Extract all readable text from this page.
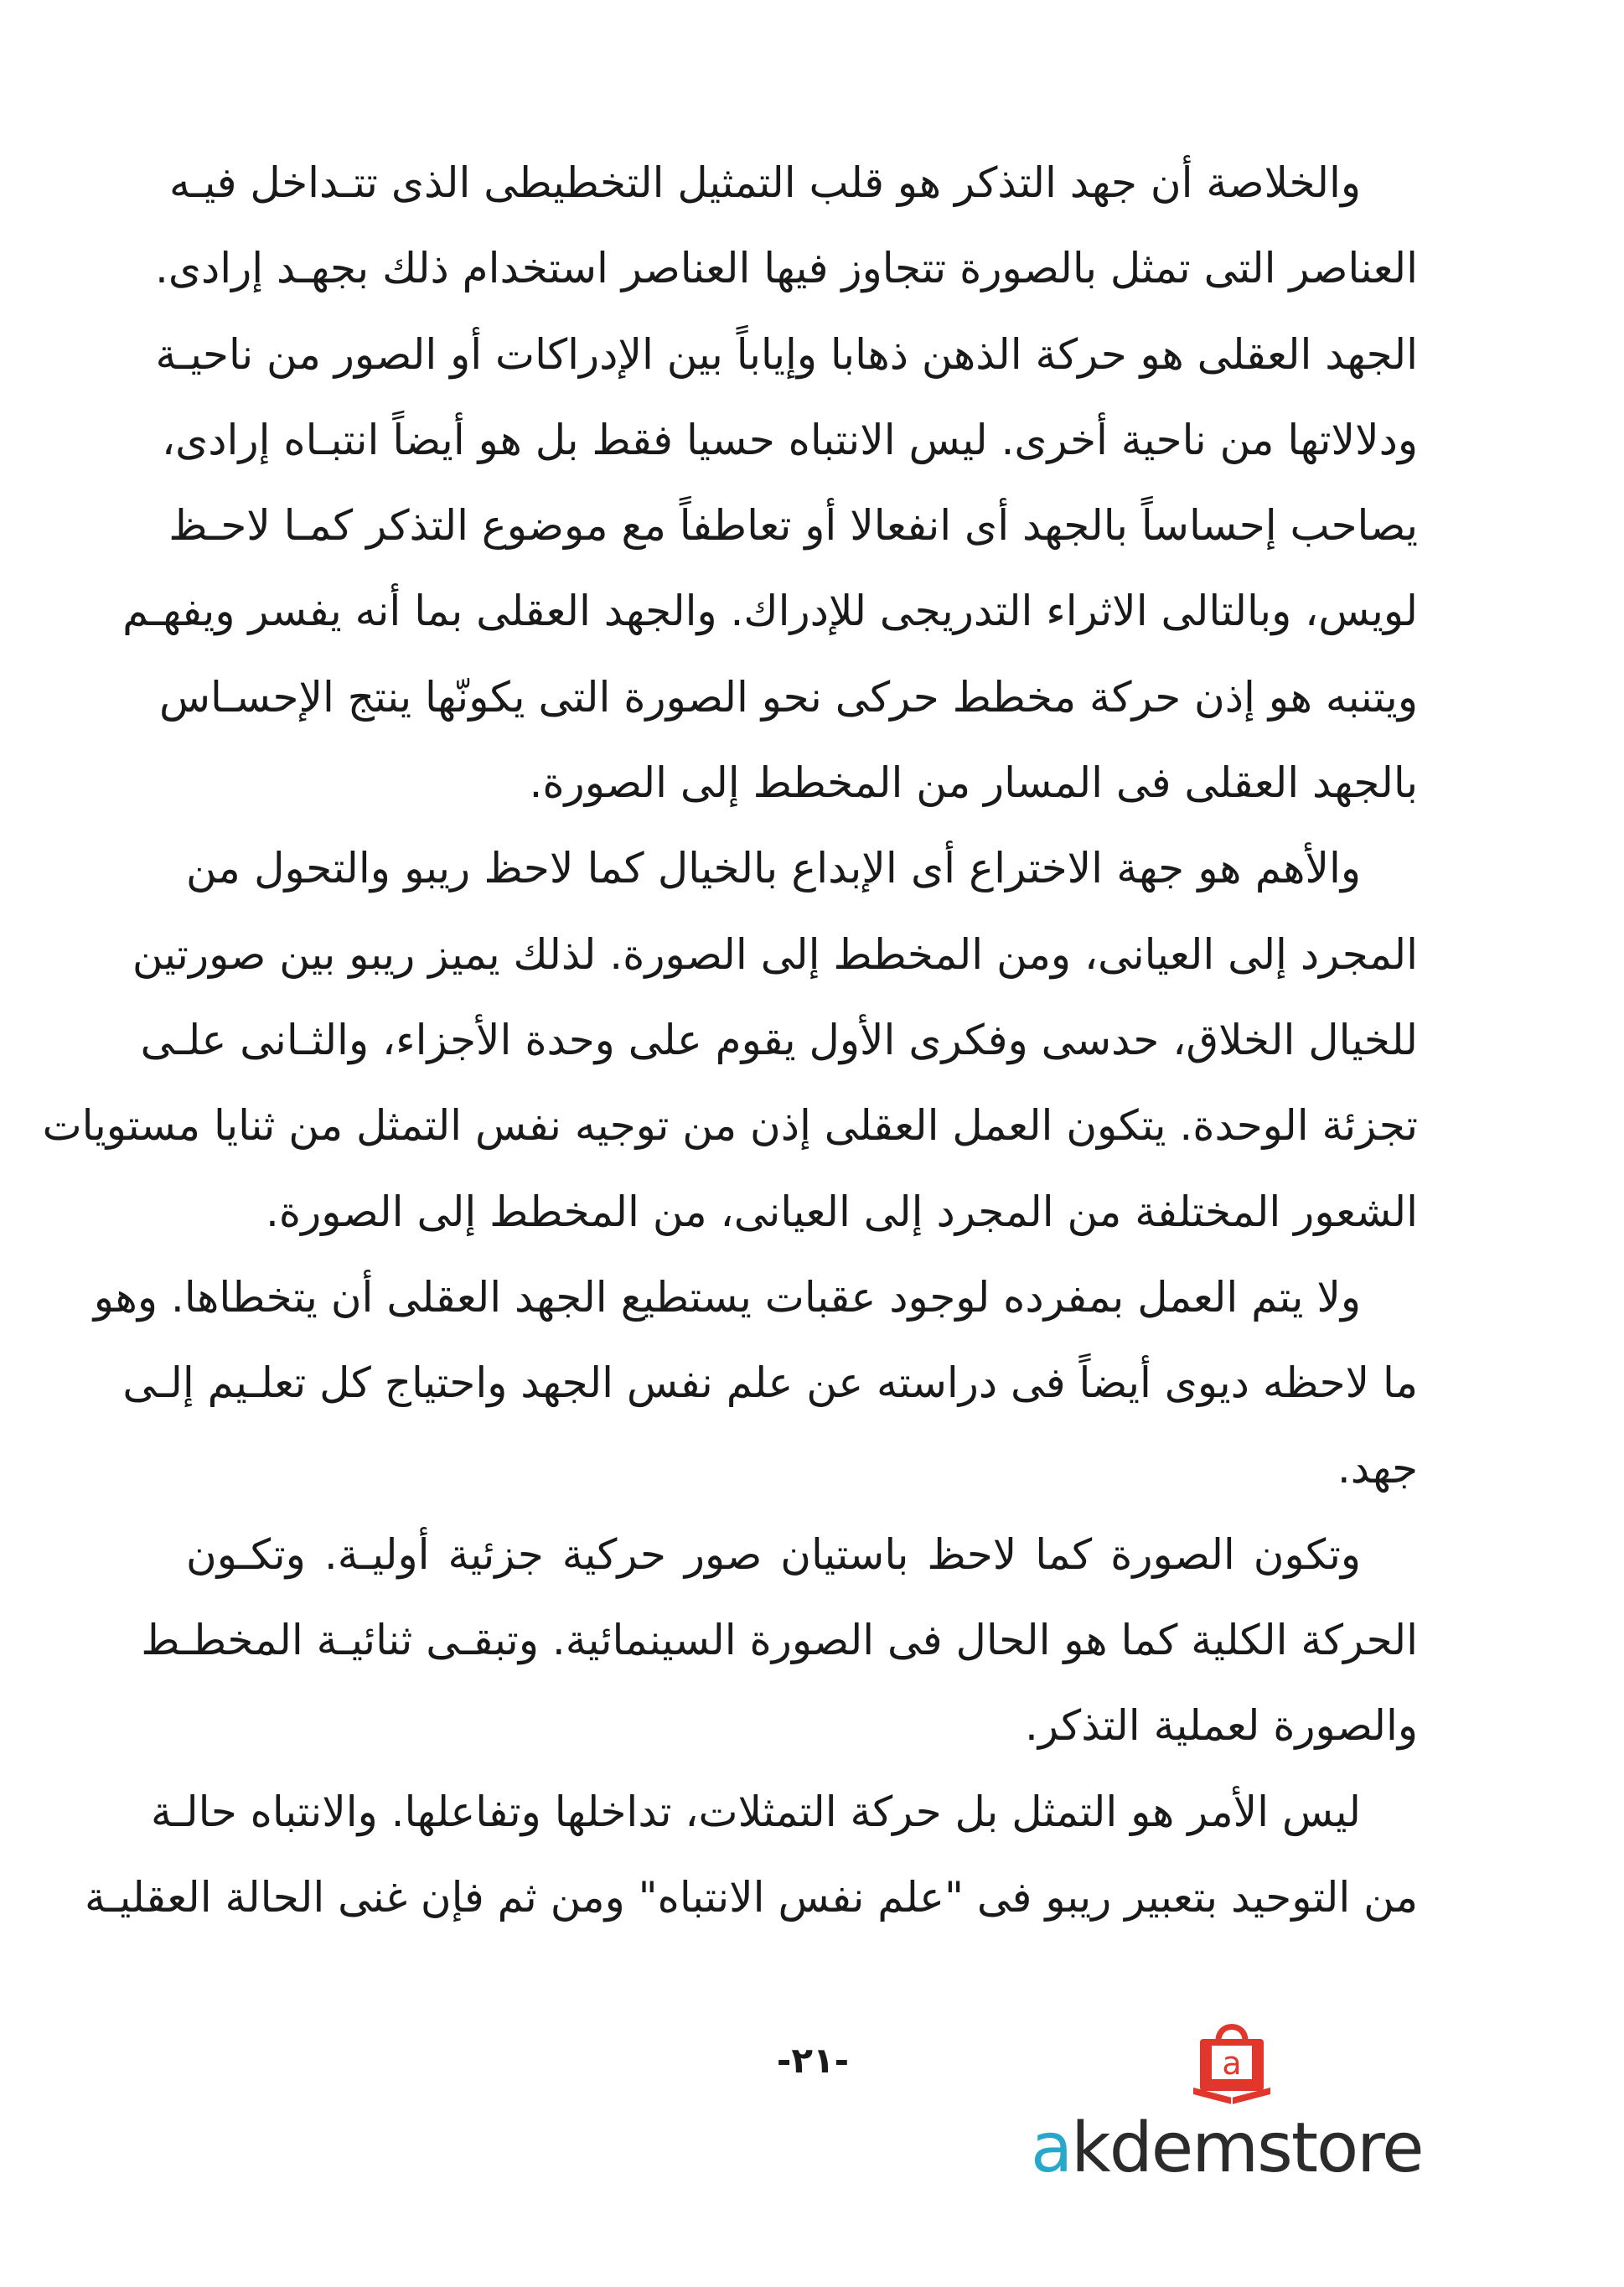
والخلاصة أن جهد التذكر هو قلب التمثيل التخطيطى الذى تتـداخل فيـه
العناصر التى تمثل بالصورة تتجاوز فيها العناصر استخدام ذلك بجهـد إرادى.
الجهد العقلى هو حركة الذهن ذهابا وإياباً بين الإدراكات أو الصور من ناحيـة
ودلالاتها من ناحية أخرى. ليس الانتباه حسيا فقط بل هو أيضاً انتبـاه إرادى،
يصاحب إحساساً بالجهد أى انفعالا أو تعاطفاً مع موضوع التذكر كمـا لاحـظ
لويس، وبالتالى الاثراء التدريجى للإدراك. والجهد العقلى بما أنه يفسر ويفهـم
ويتنبه هو إذن حركة مخطط حركى نحو الصورة التى يكونّها ينتج الإحسـاس
بالجهد العقلى فى المسار من المخطط إلى الصورة.
والأهم هو جهة الاختراع أى الإبداع بالخيال كما لاحظ ريبو والتحول من
المجرد إلى العيانى، ومن المخطط إلى الصورة. لذلك يميز ريبو بين صورتين
للخيال الخلاق، حدسى وفكرى الأول يقوم على وحدة الأجزاء، والثـانى علـى
تجزئة الوحدة. يتكون العمل العقلى إذن من توجيه نفس التمثل من ثنايا مستويات
الشعور المختلفة من المجرد إلى العيانى، من المخطط إلى الصورة.
ولا يتم العمل بمفرده لوجود عقبات يستطيع الجهد العقلى أن يتخطاها. وهو
ما لاحظه ديوى أيضاً فى دراسته عن علم نفس الجهد واحتياج كل تعلـيم إلـى
جهد.
وتكون الصورة كما لاحظ باستيان صور حركية جزئية أوليـة. وتكـون
الحركة الكلية كما هو الحال فى الصورة السينمائية. وتبقـى ثنائيـة المخطـط
والصورة لعملية التذكر.
ليس الأمر هو التمثل بل حركة التمثلات، تداخلها وتفاعلها. والانتباه حالـة
من التوحيد بتعبير ريبو فى "علم نفس الانتباه" ومن ثم فإن غنى الحالة العقليـة
-٢١-	a
akdemstore
